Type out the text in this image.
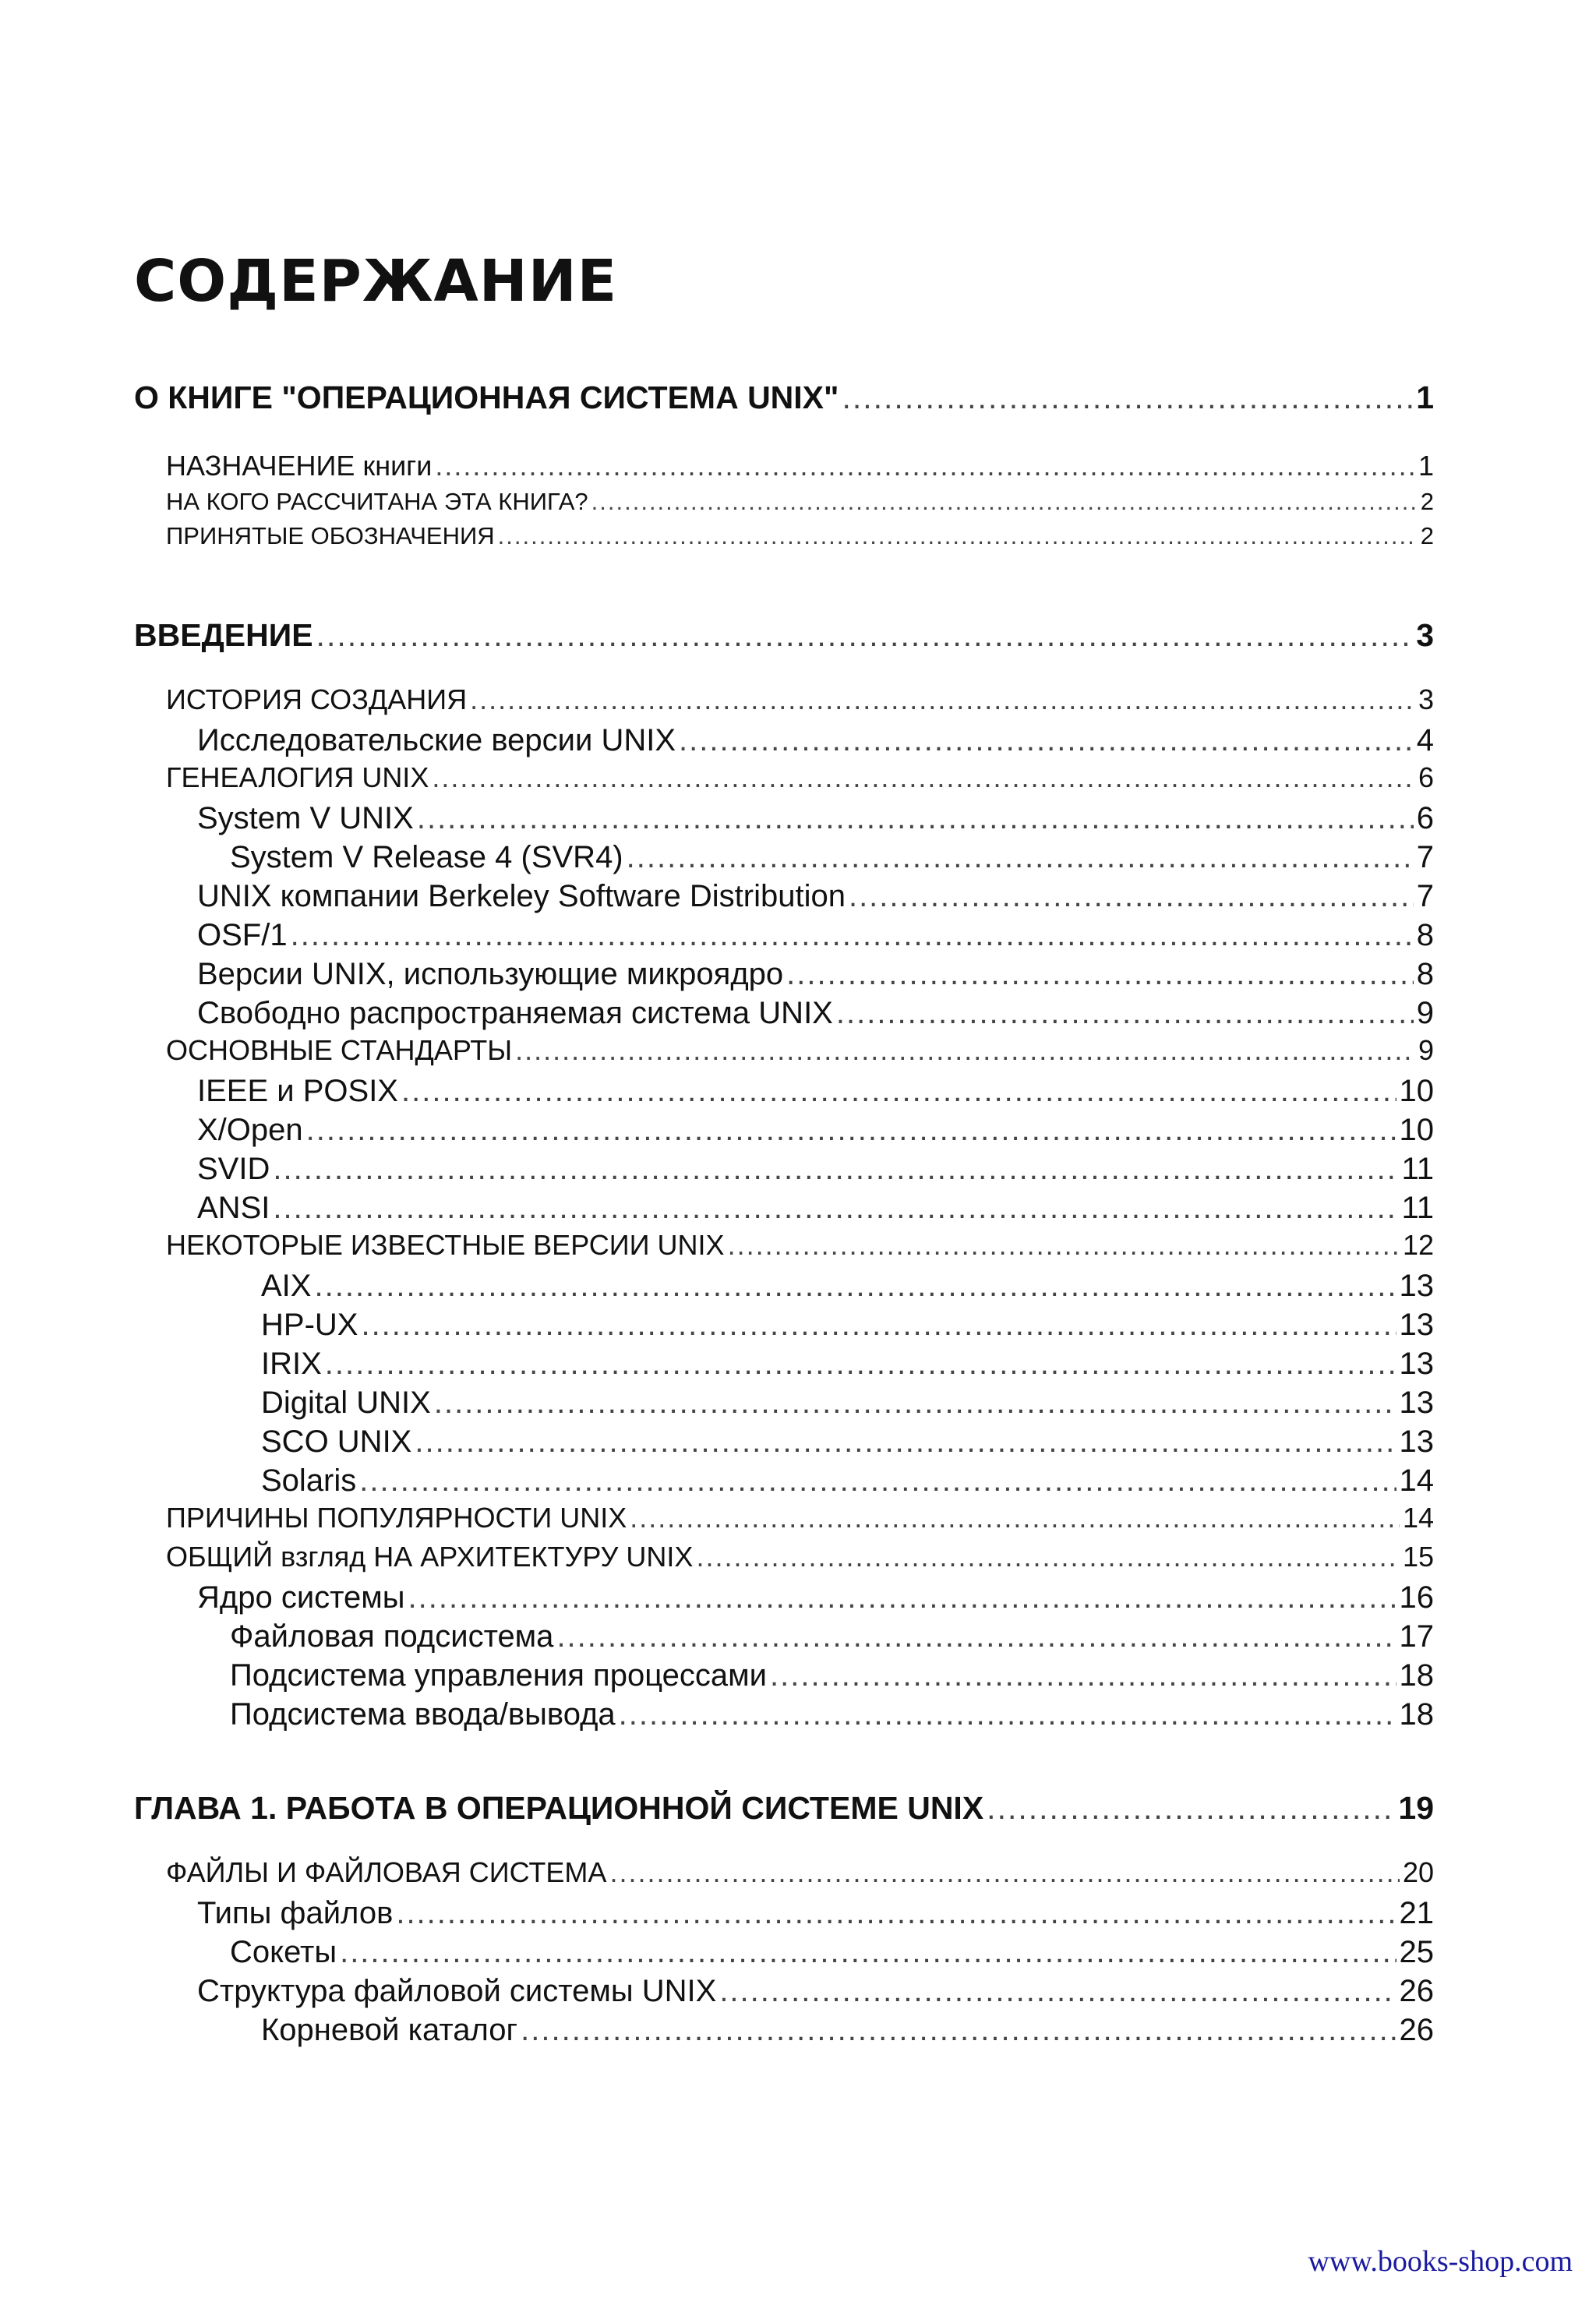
СОДЕРЖАНИЕ
О КНИГЕ "ОПЕРАЦИОННАЯ СИСТЕМА UNIX" .....	1
НАЗНАЧЕНИЕ книги .....	1
НА КОГО РАССЧИТАНА ЭТА КНИГА? .....	2
ПРИНЯТЫЕ ОБОЗНАЧЕНИЯ .....	2
ВВЕДЕНИЕ .....	3
ИСТОРИЯ СОЗДАНИЯ .....	3
Исследовательские версии UNIX .....	4
ГЕНЕАЛОГИЯ UNIX .....	6
System V UNIX .....	6
System V Release 4 (SVR4) .....	7
UNIX компании Berkeley Software Distribution .....	7
OSF/1 .....	8
Версии UNIX, использующие микроядро .....	8
Свободно распространяемая система UNIX .....	9
ОСНОВНЫЕ СТАНДАРТЫ .....	9
IEEE и POSIX .....	10
X/Open .....	10
SVID .....	11
ANSI .....	11
НЕКОТОРЫЕ ИЗВЕСТНЫЕ ВЕРСИИ UNIX .....	12
AIX .....	13
HP-UX .....	13
IRIX .....	13
Digital UNIX .....	13
SCO UNIX .....	13
Solaris .....	14
ПРИЧИНЫ ПОПУЛЯРНОСТИ UNIX .....	14
ОБЩИЙ взгляд НА АРХИТЕКТУРУ UNIX .....	15
Ядро системы .....	16
Файловая подсистема .....	17
Подсистема управления процессами .....	18
Подсистема ввода/вывода .....	18
ГЛАВА 1. РАБОТА В ОПЕРАЦИОННОЙ СИСТЕМЕ UNIX .....	19
ФАЙЛЫ И ФАЙЛОВАЯ СИСТЕМА .....	20
Типы файлов .....	21
Сокеты .....	25
Структура файловой системы UNIX .....	26
Корневой каталог .....	26
www.books-shop.com
